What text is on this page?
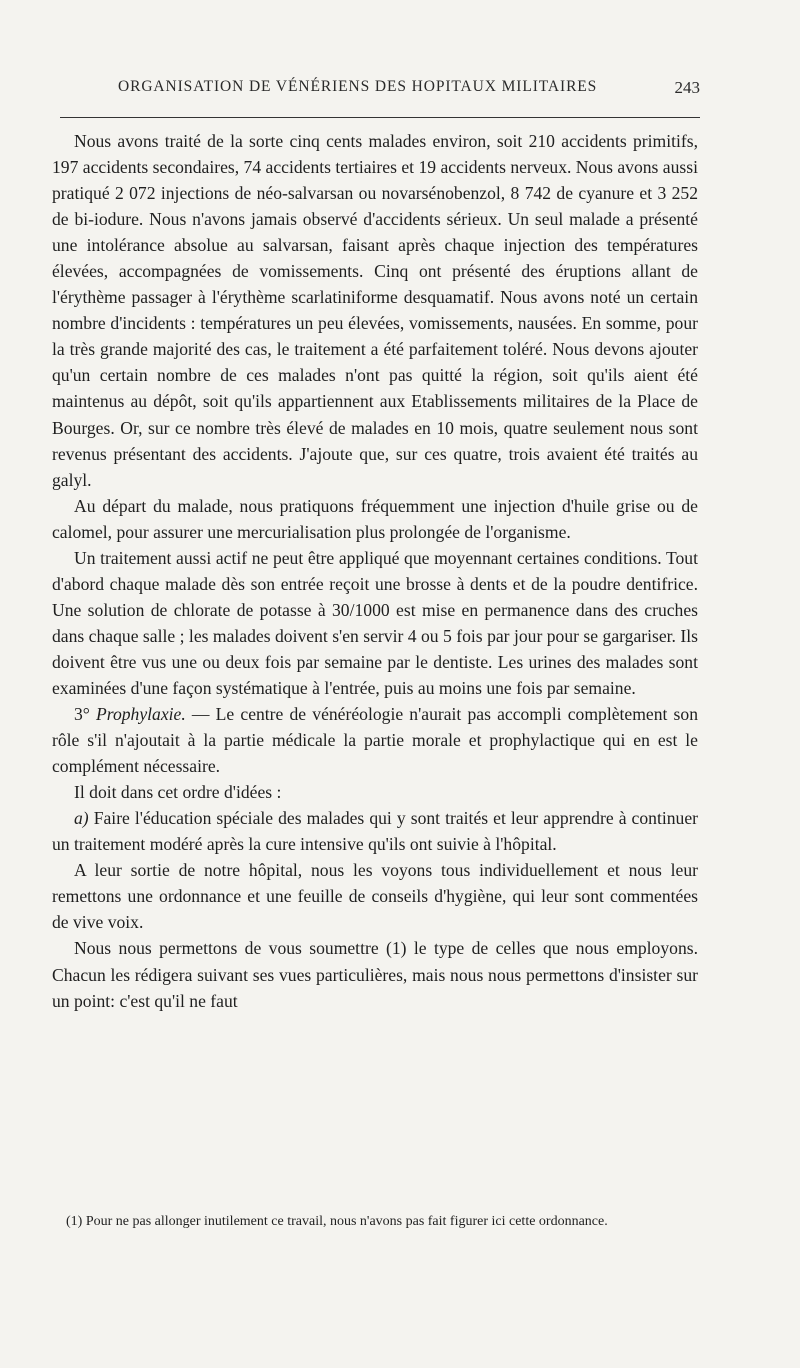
ORGANISATION DE VÉNÉRIENS DES HOPITAUX MILITAIRES	243

Nous avons traité de la sorte cinq cents malades environ, soit 210 accidents primitifs, 197 accidents secondaires, 74 accidents tertiaires et 19 accidents nerveux. Nous avons aussi pratiqué 2 072 injections de néo-salvarsan ou novarsénobenzol, 8 742 de cyanure et 3 252 de bi-iodure. Nous n'avons jamais observé d'accidents sérieux. Un seul malade a présenté une intolérance absolue au salvarsan, faisant après chaque injection des températures élevées, accompagnées de vomissements. Cinq ont présenté des éruptions allant de l'érythème passager à l'érythème scarlatiniforme desquamatif. Nous avons noté un certain nombre d'incidents : températures un peu élevées, vomissements, nausées. En somme, pour la très grande majorité des cas, le traitement a été parfaitement toléré. Nous devons ajouter qu'un certain nombre de ces malades n'ont pas quitté la région, soit qu'ils aient été maintenus au dépôt, soit qu'ils appartiennent aux Etablissements militaires de la Place de Bourges. Or, sur ce nombre très élevé de malades en 10 mois, quatre seulement nous sont revenus présentant des accidents. J'ajoute que, sur ces quatre, trois avaient été traités au galyl.

Au départ du malade, nous pratiquons fréquemment une injection d'huile grise ou de calomel, pour assurer une mercurialisation plus prolongée de l'organisme.

Un traitement aussi actif ne peut être appliqué que moyennant certaines conditions. Tout d'abord chaque malade dès son entrée reçoit une brosse à dents et de la poudre dentifrice. Une solution de chlorate de potasse à 30/1000 est mise en permanence dans des cruches dans chaque salle ; les malades doivent s'en servir 4 ou 5 fois par jour pour se gargariser. Ils doivent être vus une ou deux fois par semaine par le dentiste. Les urines des malades sont examinées d'une façon systématique à l'entrée, puis au moins une fois par semaine.

3° Prophylaxie. — Le centre de vénéréologie n'aurait pas accompli complètement son rôle s'il n'ajoutait à la partie médicale la partie morale et prophylactique qui en est le complément nécessaire.

Il doit dans cet ordre d'idées :

a) Faire l'éducation spéciale des malades qui y sont traités et leur apprendre à continuer un traitement modéré après la cure intensive qu'ils ont suivie à l'hôpital.

A leur sortie de notre hôpital, nous les voyons tous individuellement et nous leur remettons une ordonnance et une feuille de conseils d'hygiène, qui leur sont commentées de vive voix.

Nous nous permettons de vous soumettre (1) le type de celles que nous employons. Chacun les rédigera suivant ses vues particulières, mais nous nous permettons d'insister sur un point: c'est qu'il ne faut

(1) Pour ne pas allonger inutilement ce travail, nous n'avons pas fait figurer ici cette ordonnance.
